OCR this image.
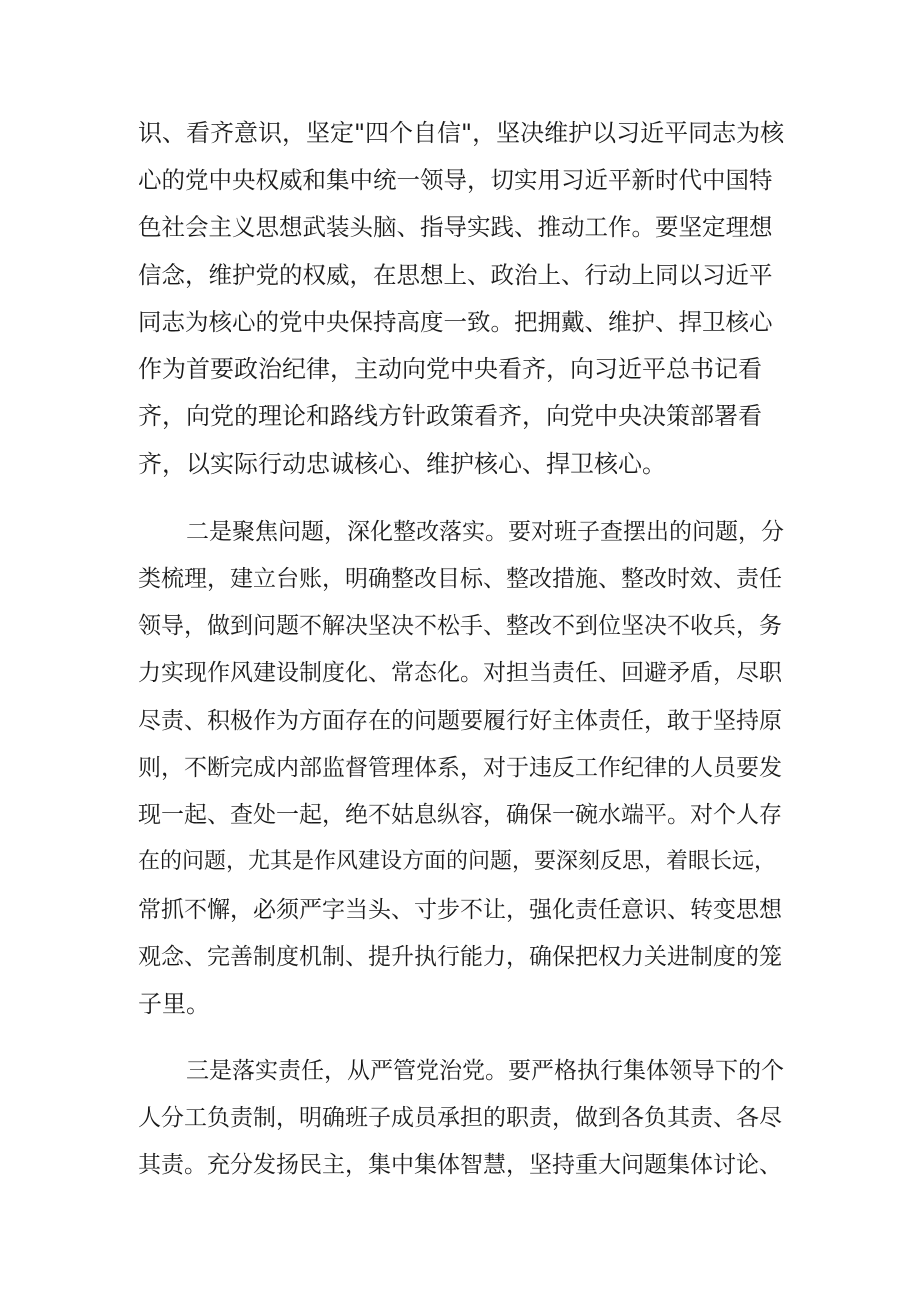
识、看齐意识，坚定"四个自信"，坚决维护以习近平同志为核
心的党中央权威和集中统一领导，切实用习近平新时代中国特
色社会主义思想武装头脑、指导实践、推动工作。要坚定理想
信念，维护党的权威，在思想上、政治上、行动上同以习近平
同志为核心的党中央保持高度一致。把拥戴、维护、捍卫核心
作为首要政治纪律，主动向党中央看齐，向习近平总书记看
齐，向党的理论和路线方针政策看齐，向党中央决策部署看
齐，以实际行动忠诚核心、维护核心、捍卫核心。
二是聚焦问题，深化整改落实。要对班子查摆出的问题，分
类梳理，建立台账，明确整改目标、整改措施、整改时效、责任
领导，做到问题不解决坚决不松手、整改不到位坚决不收兵，务
力实现作风建设制度化、常态化。对担当责任、回避矛盾，尽职
尽责、积极作为方面存在的问题要履行好主体责任，敢于坚持原
则，不断完成内部监督管理体系，对于违反工作纪律的人员要发
现一起、查处一起，绝不姑息纵容，确保一碗水端平。对个人存
在的问题，尤其是作风建设方面的问题，要深刻反思，着眼长远，
常抓不懈，必须严字当头、寸步不让，强化责任意识、转变思想
观念、完善制度机制、提升执行能力，确保把权力关进制度的笼
子里。
三是落实责任，从严管党治党。要严格执行集体领导下的个
人分工负责制，明确班子成员承担的职责，做到各负其责、各尽
其责。充分发扬民主，集中集体智慧，坚持重大问题集体讨论、
